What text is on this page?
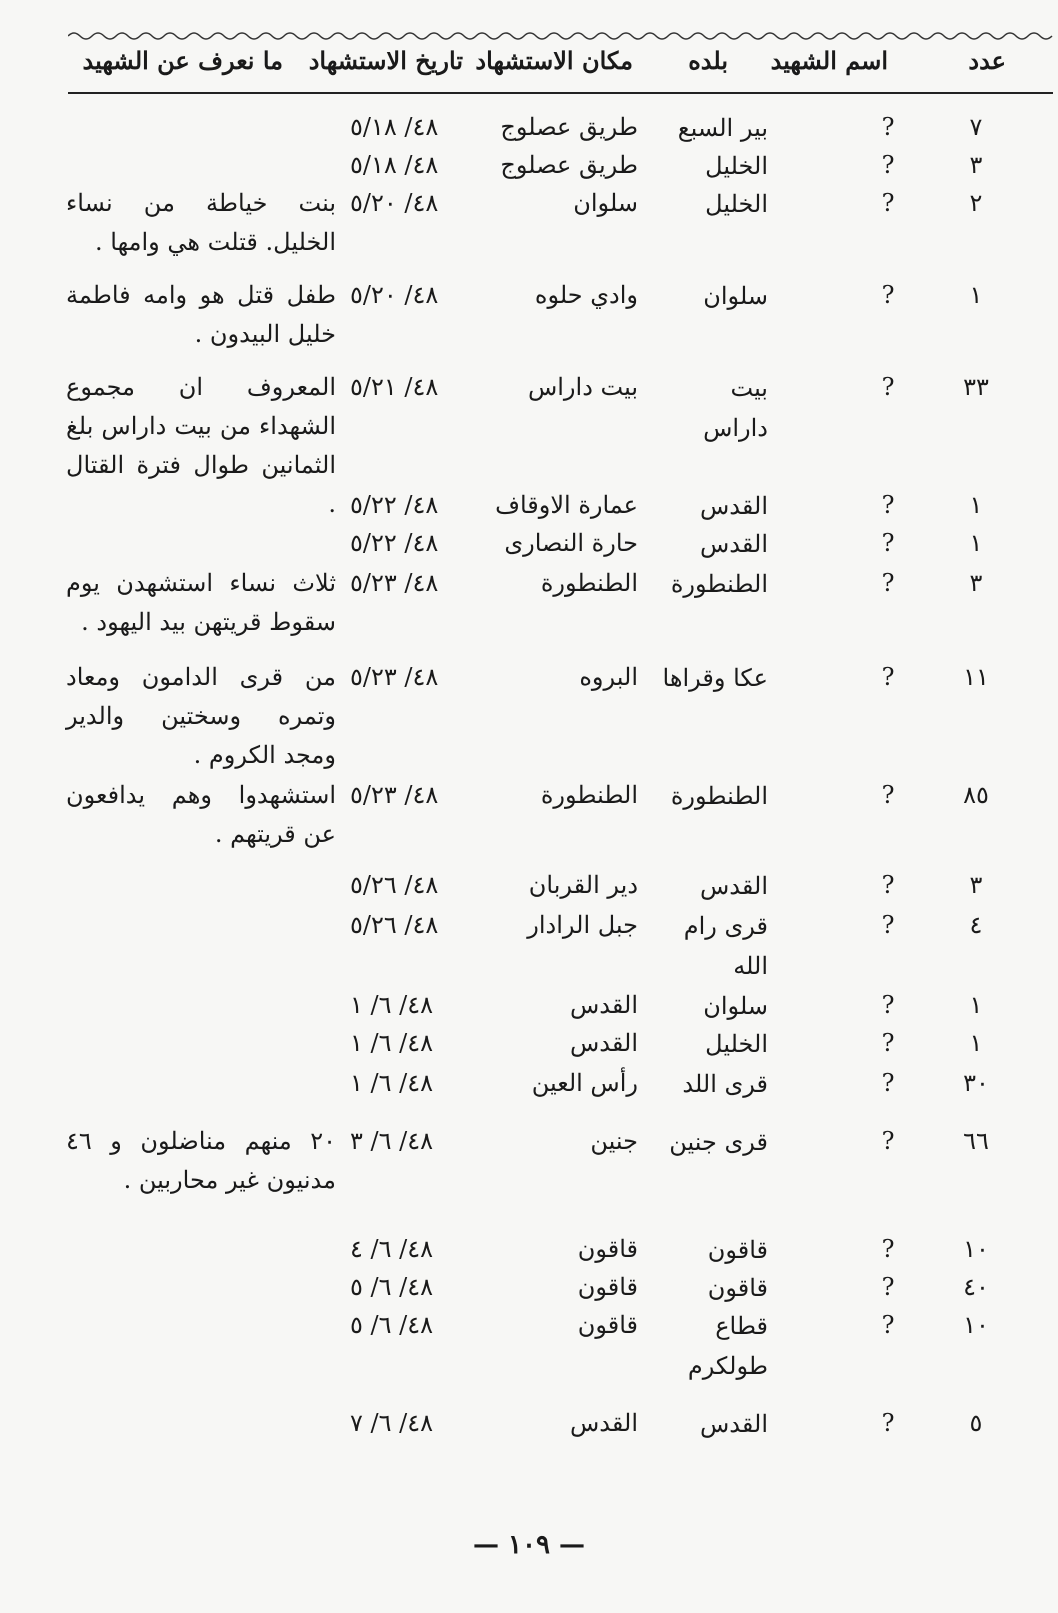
عدد
اسم الشهيد
بلده
مكان الاستشهاد
تاريخ الاستشهاد
ما نعرف عن الشهيد
٧
?
بير السبع
طريق عصلوج
٤٨/ ٥/١٨
٣
?
الخليل
طريق عصلوج
٤٨/ ٥/١٨
٢
?
الخليل
سلوان
٤٨/ ٥/٢٠
بنت خياطة من نساء الخليل. قتلت هي وامها .
١
?
سلوان
وادي حلوه
٤٨/ ٥/٢٠
طفل قتل هو وامه فاطمة خليل البيدون .
٣٣
?
بيت داراس
بيت داراس
٤٨/ ٥/٢١
المعروف ان مجموع الشهداء من بيت داراس بلغ الثمانين طوال فترة القتال .	١
?
القدس
عمارة الاوقاف
٤٨/ ٥/٢٢
١
?
القدس
حارة النصارى
٤٨/ ٥/٢٢
٣
?
الطنطورة
الطنطورة
٤٨/ ٥/٢٣
ثلاث نساء استشهدن يوم سقوط قريتهن بيد اليهود .
١١
?
عكا وقراها
البروه
٤٨/ ٥/٢٣
من قرى الدامون ومعاد وتمره وسختين والدير ومجد الكروم .
٨٥
?
الطنطورة
الطنطورة
٤٨/ ٥/٢٣
استشهدوا وهم يدافعون عن قريتهم .
٣
?
القدس
دير القربان
٤٨/ ٥/٢٦
٤
?
قرى رام الله
جبل الرادار
٤٨/ ٥/٢٦
١
?
سلوان
القدس
٤٨/ ٦/ ١
١
?
الخليل
القدس
٤٨/ ٦/ ١
٣٠
?
قرى اللد
رأس العين
٤٨/ ٦/ ١
٦٦
?
قرى جنين
جنين
٤٨/ ٦/ ٣
٢٠ منهم مناضلون و ٤٦ مدنيون غير محاربين .
١٠
?
قاقون
قاقون
٤٨/ ٦/ ٤
٤٠
?
قاقون
قاقون
٤٨/ ٦/ ٥
١٠
?
قطاع طولكرم
قاقون
٤٨/ ٦/ ٥
٥
?
القدس
القدس
٤٨/ ٦/ ٧
— ١٠٩ —
